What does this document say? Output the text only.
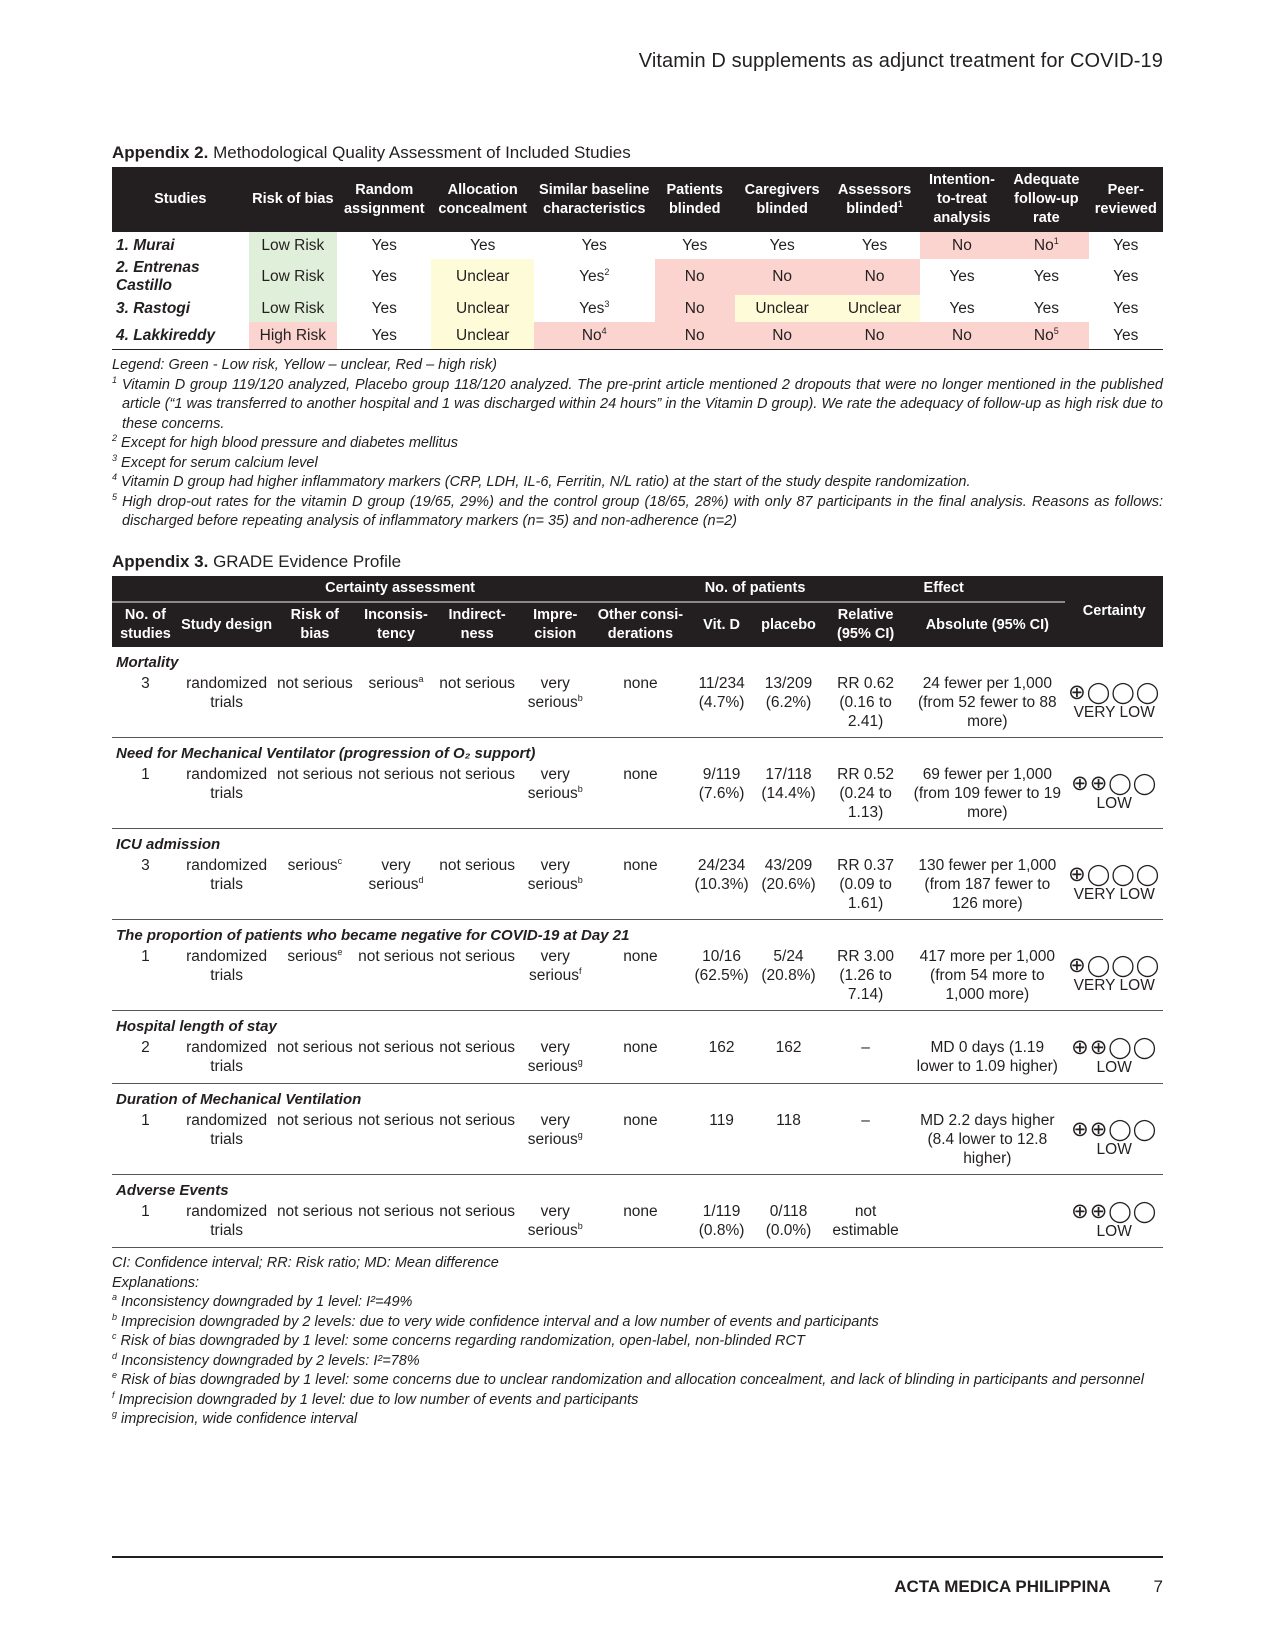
Vitamin D supplements as adjunct treatment for COVID-19
Appendix 2. Methodological Quality Assessment of Included Studies
Studies	Risk of bias	Random assignment	Allocation concealment	Similar baseline characteristics	Patients blinded	Caregivers blinded	Assessors blinded$^1$	Intention-to-treat analysis	Adequate follow-up rate	Peer-reviewed
1. Murai	Low Risk	Yes	Yes	Yes	Yes	Yes	Yes	No	No$^1$	Yes
2. Entrenas Castillo	Low Risk	Yes	Unclear	Yes$^2$	No	No	No	Yes	Yes	Yes
3. Rastogi	Low Risk	Yes	Unclear	Yes$^3$	No	Unclear	Unclear	Yes	Yes	Yes
4. Lakkireddy	High Risk	Yes	Unclear	No$^4$	No	No	No	No	No$^5$	Yes
Legend: Green - Low risk, Yellow – unclear, Red – high risk)
$^1$ Vitamin D group 119/120 analyzed, Placebo group 118/120 analyzed. The pre-print article mentioned 2 dropouts that were no longer mentioned in the published article (“1 was transferred to another hospital and 1 was discharged within 24 hours” in the Vitamin D group). We rate the adequacy of follow-up as high risk due to these concerns.
$^2$ Except for high blood pressure and diabetes mellitus
$^3$ Except for serum calcium level
$^4$ Vitamin D group had higher inflammatory markers (CRP, LDH, IL-6, Ferritin, N/L ratio) at the start of the study despite randomization.
$^5$ High drop-out rates for the vitamin D group (19/65, 29%) and the control group (18/65, 28%) with only 87 participants in the final analysis. Reasons as follows: discharged before repeating analysis of inflammatory markers (n= 35) and non-adherence (n=2)
Appendix 3. GRADE Evidence Profile
Certainty assessment							No. of patients		Effect		Certainty
No. of studies	Study design	Risk of bias	Inconsis-tency	Indirect-ness	Impre-cision	Other consi-derations	Vit. D	placebo	Relative (95% CI)	Absolute (95% CI)	
Mortality											
3	randomized trials	not serious	serious$^a$	not serious	very serious$^b$	none	11/234 (4.7%)	13/209 (6.2%)	RR 0.62 (0.16 to 2.41)	24 fewer per 1,000 (from 52 fewer to 88 more)	⊕◯◯◯
VERY LOW

Need for Mechanical Ventilator (progression of O₂ support)											
1	randomized trials	not serious	not serious	not serious	very serious$^b$	none	9/119 (7.6%)	17/118 (14.4%)	RR 0.52 (0.24 to 1.13)	69 fewer per 1,000 (from 109 fewer to 19 more)	⊕⊕◯◯
LOW

ICU admission											
3	randomized trials	serious$^c$	very serious$^d$	not serious	very serious$^b$	none	24/234 (10.3%)	43/209 (20.6%)	RR 0.37 (0.09 to 1.61)	130 fewer per 1,000 (from 187 fewer to 126 more)	⊕◯◯◯
VERY LOW

The proportion of patients who became negative for COVID-19 at Day 21											
1	randomized trials	serious$^e$	not serious	not serious	very serious$^f$	none	10/16 (62.5%)	5/24 (20.8%)	RR 3.00 (1.26 to 7.14)	417 more per 1,000 (from 54 more to 1,000 more)	⊕◯◯◯
VERY LOW

Hospital length of stay											
2	randomized trials	not serious	not serious	not serious	very serious$^g$	none	162	162	–	MD 0 days (1.19 lower to 1.09 higher)	⊕⊕◯◯
LOW

Duration of Mechanical Ventilation											
1	randomized trials	not serious	not serious	not serious	very serious$^g$	none	119	118	–	MD 2.2 days higher (8.4 lower to 12.8 higher)	⊕⊕◯◯
LOW

Adverse Events											
1	randomized trials	not serious	not serious	not serious	very serious$^b$	none	1/119 (0.8%)	0/118 (0.0%)	not estimable		⊕⊕◯◯
LOW
CI: Confidence interval; RR: Risk ratio; MD: Mean difference
Explanations:
$^a$ Inconsistency downgraded by 1 level: I²=49%
$^b$ Imprecision downgraded by 2 levels: due to very wide confidence interval and a low number of events and participants
$^c$ Risk of bias downgraded by 1 level: some concerns regarding randomization, open-label, non-blinded RCT
$^d$ Inconsistency downgraded by 2 levels: I²=78%
$^e$ Risk of bias downgraded by 1 level: some concerns due to unclear randomization and allocation concealment, and lack of blinding in participants and personnel
$^f$ Imprecision downgraded by 1 level: due to low number of events and participants
$^g$ imprecision, wide confidence interval
ACTA MEDICA PHILIPPINA	7
